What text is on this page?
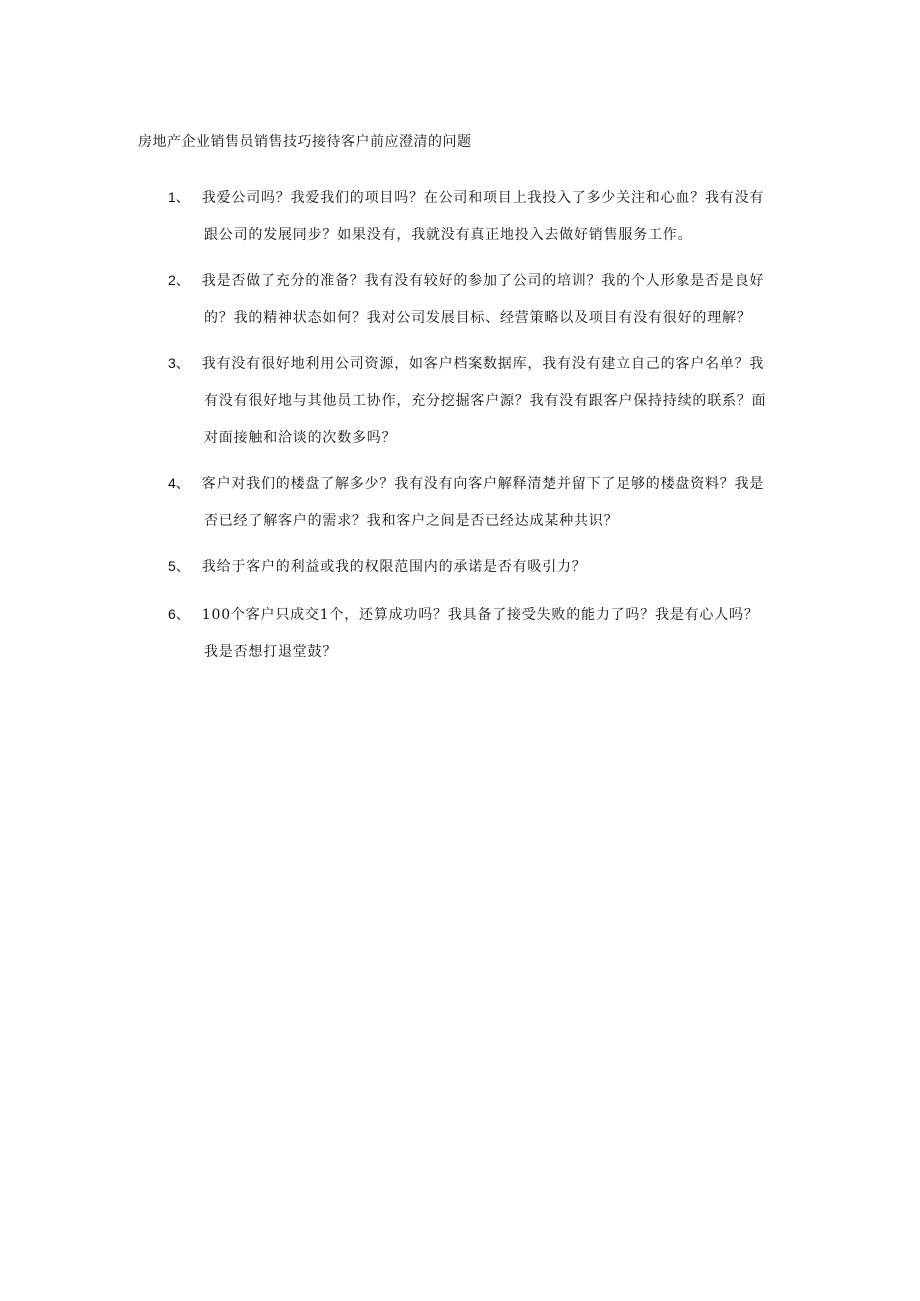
房地产企业销售员销售技巧接待客户前应澄清的问题
1、 我爱公司吗？我爱我们的项目吗？在公司和项目上我投入了多少关注和心血？我有没有
跟公司的发展同步？如果没有，我就没有真正地投入去做好销售服务工作。
2、 我是否做了充分的准备？我有没有较好的参加了公司的培训？我的个人形象是否是良好
的？我的精神状态如何？我对公司发展目标、经营策略以及项目有没有很好的理解？
3、 我有没有很好地利用公司资源，如客户档案数据库，我有没有建立自己的客户名单？我
有没有很好地与其他员工协作，充分挖掘客户源？我有没有跟客户保持持续的联系？面
对面接触和洽谈的次数多吗？
4、 客户对我们的楼盘了解多少？我有没有向客户解释清楚并留下了足够的楼盘资料？我是
否已经了解客户的需求？我和客户之间是否已经达成某种共识？
5、 我给于客户的利益或我的权限范围内的承诺是否有吸引力？
6、 100个客户只成交1个，还算成功吗？我具备了接受失败的能力了吗？我是有心人吗？
我是否想打退堂鼓？
